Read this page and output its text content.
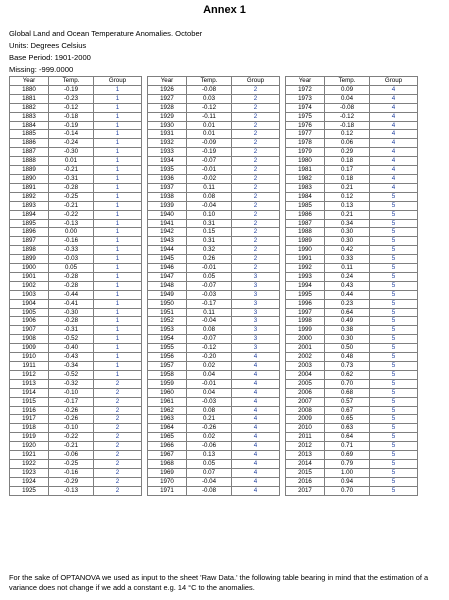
Annex 1
Global Land and Ocean Temperature Anomalies. October
Units: Degrees Celsius
Base Period: 1901-2000
Missing: -999.0000
Year	Temp.	Group
1880	-0.19	1
1881	-0.23	1
1882	-0.12	1
1883	-0.18	1
1884	-0.19	1
1885	-0.14	1
1886	-0.24	1
1887	-0.30	1
1888	0.01	1
1889	-0.21	1
1890	-0.31	1
1891	-0.28	1
1892	-0.25	1
1893	-0.21	1
1894	-0.22	1
1895	-0.13	1
1896	0.00	1
1897	-0.16	1
1898	-0.33	1
1899	-0.03	1
1900	0.05	1
1901	-0.28	1
1902	-0.28	1
1903	-0.44	1
1904	-0.41	1
1905	-0.30	1
1906	-0.28	1
1907	-0.31	1
1908	-0.52	1
1909	-0.40	1
1910	-0.43	1
1911	-0.34	1
1912	-0.52	1
1913	-0.32	2
1914	-0.10	2
1915	-0.17	2
1916	-0.26	2
1917	-0.26	2
1918	-0.10	2
1919	-0.22	2
1920	-0.21	2
1921	-0.06	2
1922	-0.25	2
1923	-0.16	2
1924	-0.29	2
1925	-0.13	2
Year	Temp.	Group
1926	-0.08	2
1927	0.03	2
1928	-0.12	2
1929	-0.11	2
1930	0.01	2
1931	0.01	2
1932	-0.09	2
1933	-0.19	2
1934	-0.07	2
1935	-0.01	2
1936	-0.02	2
1937	0.11	2
1938	0.08	2
1939	-0.04	2
1940	0.10	2
1941	0.31	2
1942	0.15	2
1943	0.31	2
1944	0.32	2
1945	0.26	2
1946	-0.01	2
1947	0.05	3
1948	-0.07	3
1949	-0.03	3
1950	-0.17	3
1951	0.11	3
1952	-0.04	3
1953	0.08	3
1954	-0.07	3
1955	-0.12	3
1956	-0.20	4
1957	0.02	4
1958	0.04	4
1959	-0.01	4
1960	0.04	4
1961	-0.03	4
1962	0.08	4
1963	0.21	4
1964	-0.26	4
1965	0.02	4
1966	-0.06	4
1967	0.13	4
1968	0.05	4
1969	0.07	4
1970	-0.04	4
1971	-0.08	4
Year	Temp.	Group
1972	0.09	4
1973	0.04	4
1974	-0.08	4
1975	-0.12	4
1976	-0.18	4
1977	0.12	4
1978	0.06	4
1979	0.29	4
1980	0.18	4
1981	0.17	4
1982	0.18	4
1983	0.21	4
1984	0.12	5
1985	0.13	5
1986	0.21	5
1987	0.34	5
1988	0.30	5
1989	0.30	5
1990	0.42	5
1991	0.33	5
1992	0.11	5
1993	0.24	5
1994	0.43	5
1995	0.44	5
1996	0.23	5
1997	0.64	5
1998	0.49	5
1999	0.38	5
2000	0.30	5
2001	0.50	5
2002	0.48	5
2003	0.73	5
2004	0.62	5
2005	0.70	5
2006	0.68	5
2007	0.57	5
2008	0.67	5
2009	0.65	5
2010	0.63	5
2011	0.64	5
2012	0.71	5
2013	0.69	5
2014	0.79	5
2015	1.00	5
2016	0.94	5
2017	0.70	5
For the sake of OPTANOVA we used as input to the sheet 'Raw Data.' the following table bearing in mind that the estimation of a variance does not change if we add a constant e.g. 14 °C to the anomalies.
